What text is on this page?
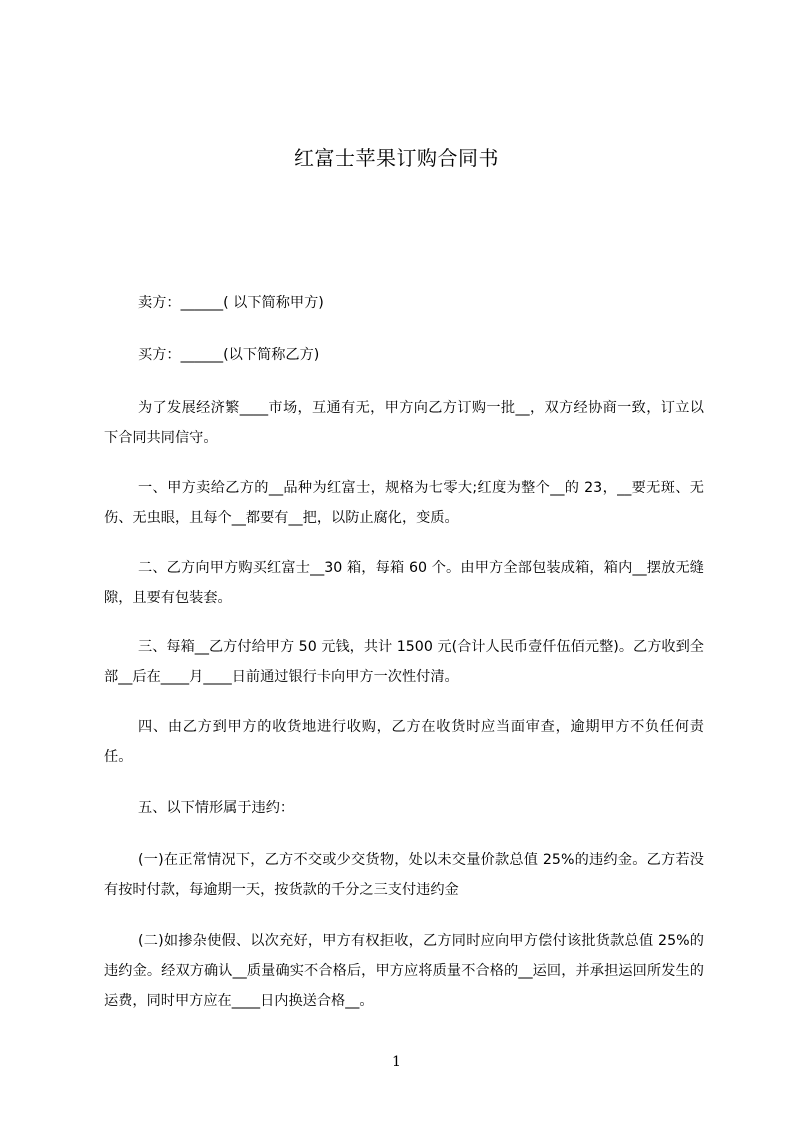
红富士苹果订购合同书
卖方：______( 以下简称甲方)
买方：______(以下简称乙方)
为了发展经济繁____市场，互通有无，甲方向乙方订购一批__，双方经协商一致，订立以下合同共同信守。
一、甲方卖给乙方的__品种为红富士，规格为七零大;红度为整个__的 23，__要无斑、无伤、无虫眼，且每个__都要有__把，以防止腐化，变质。
二、乙方向甲方购买红富士__30 箱，每箱 60 个。由甲方全部包装成箱，箱内__摆放无缝隙，且要有包装套。
三、每箱__乙方付给甲方 50 元钱，共计 1500 元(合计人民币壹仟伍佰元整)。乙方收到全部__后在____月____日前通过银行卡向甲方一次性付清。
四、由乙方到甲方的收货地进行收购，乙方在收货时应当面审查，逾期甲方不负任何责任。
五、以下情形属于违约：
(一)在正常情况下，乙方不交或少交货物，处以未交量价款总值 25%的违约金。乙方若没有按时付款，每逾期一天，按货款的千分之三支付违约金
(二)如掺杂使假、以次充好，甲方有权拒收，乙方同时应向甲方偿付该批货款总值 25%的违约金。经双方确认__质量确实不合格后，甲方应将质量不合格的__运回，并承担运回所发生的运费，同时甲方应在____日内换送合格__。
1
